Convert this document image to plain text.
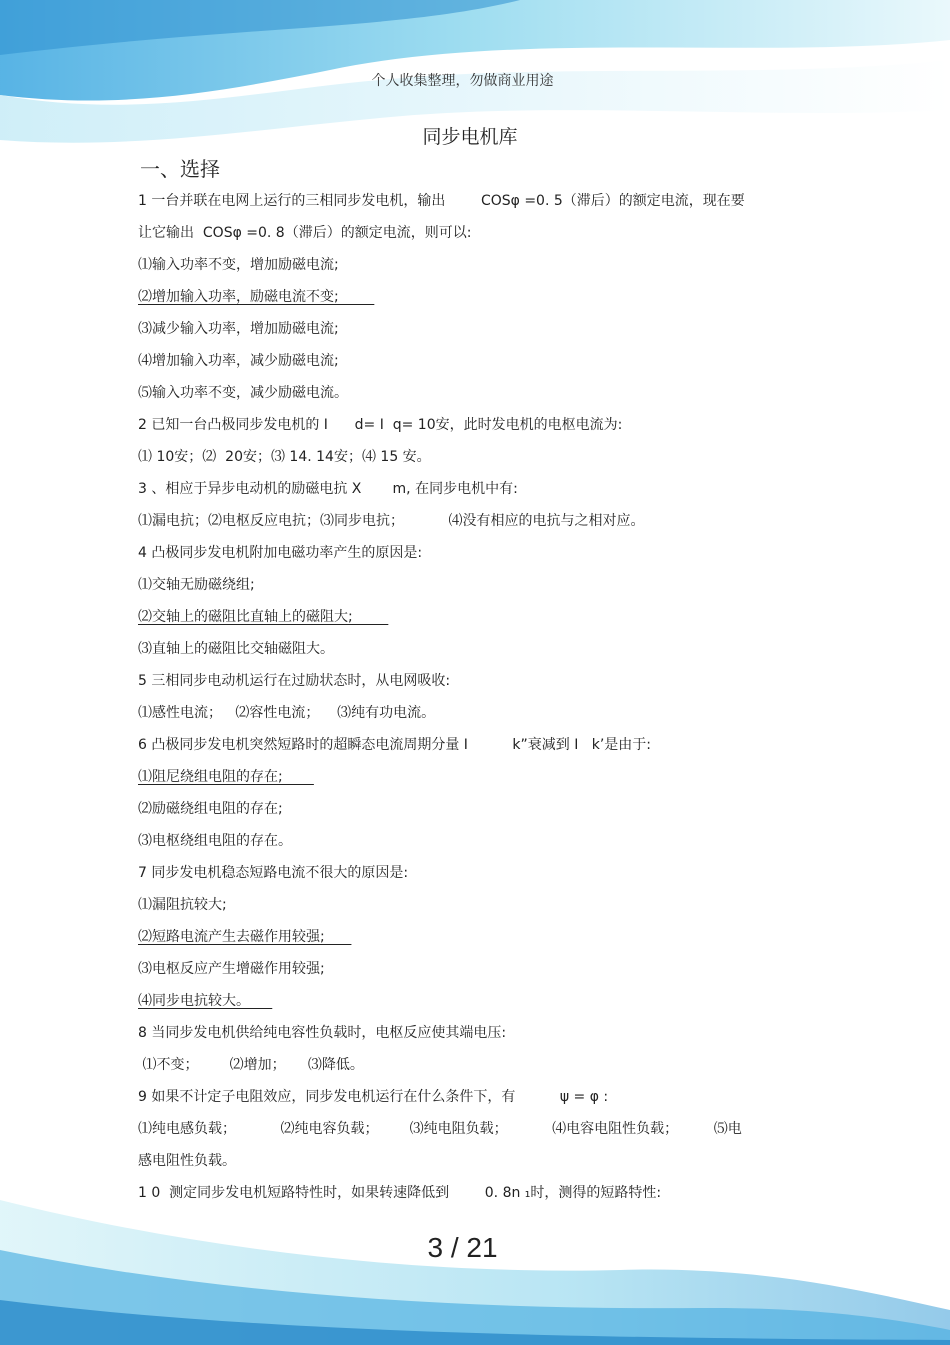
个人收集整理，勿做商业用途
同步电机库
一、选择
1 一台并联在电网上运行的三相同步发电机，输出        COSφ =0. 5（滞后）的额定电流，现在要
让它输出  COSφ =0. 8（滞后）的额定电流，则可以:
⑴输入功率不变，增加励磁电流;
⑵增加输入功率，励磁电流不变;
⑶减少输入功率，增加励磁电流;
⑷增加输入功率，减少励磁电流;
⑸输入功率不变，减少励磁电流。
2 已知一台凸极同步发电机的 I      d= I  q= 10安，此时发电机的电枢电流为:
⑴ 10安；⑵  20安；⑶ 14. 14安；⑷ 15 安。
3 、相应于异步电动机的励磁电抗 X       m, 在同步电机中有:
⑴漏电抗；⑵电枢反应电抗；⑶同步电抗；          ⑷没有相应的电抗与之相对应。
4 凸极同步发电机附加电磁功率产生的原因是:
⑴交轴无励磁绕组;
⑵交轴上的磁阻比直轴上的磁阻大;
⑶直轴上的磁阻比交轴磁阻大。
5 三相同步电动机运行在过励状态时，从电网吸收:
⑴感性电流；   ⑵容性电流；    ⑶纯有功电流。
6 凸极同步发电机突然短路时的超瞬态电流周期分量 I          k”衰减到 I   k’是由于:
⑴阻尼绕组电阻的存在;
⑵励磁绕组电阻的存在;
⑶电枢绕组电阻的存在。
7 同步发电机稳态短路电流不很大的原因是:
⑴漏阻抗较大;
⑵短路电流产生去磁作用较强;
⑶电枢反应产生增磁作用较强;
⑷同步电抗较大。
8 当同步发电机供给纯电容性负载时，电枢反应使其端电压:
⑴不变；       ⑵增加；     ⑶降低。
9 如果不计定子电阻效应，同步发电机运行在什么条件下，有          ψ = φ :
⑴纯电感负载；          ⑵纯电容负载；       ⑶纯电阻负载；          ⑷电容电阻性负载；        ⑸电
感电阻性负载。
1 0  测定同步发电机短路特性时，如果转速降低到        0. 8n ₁时，测得的短路特性:
3 / 21
